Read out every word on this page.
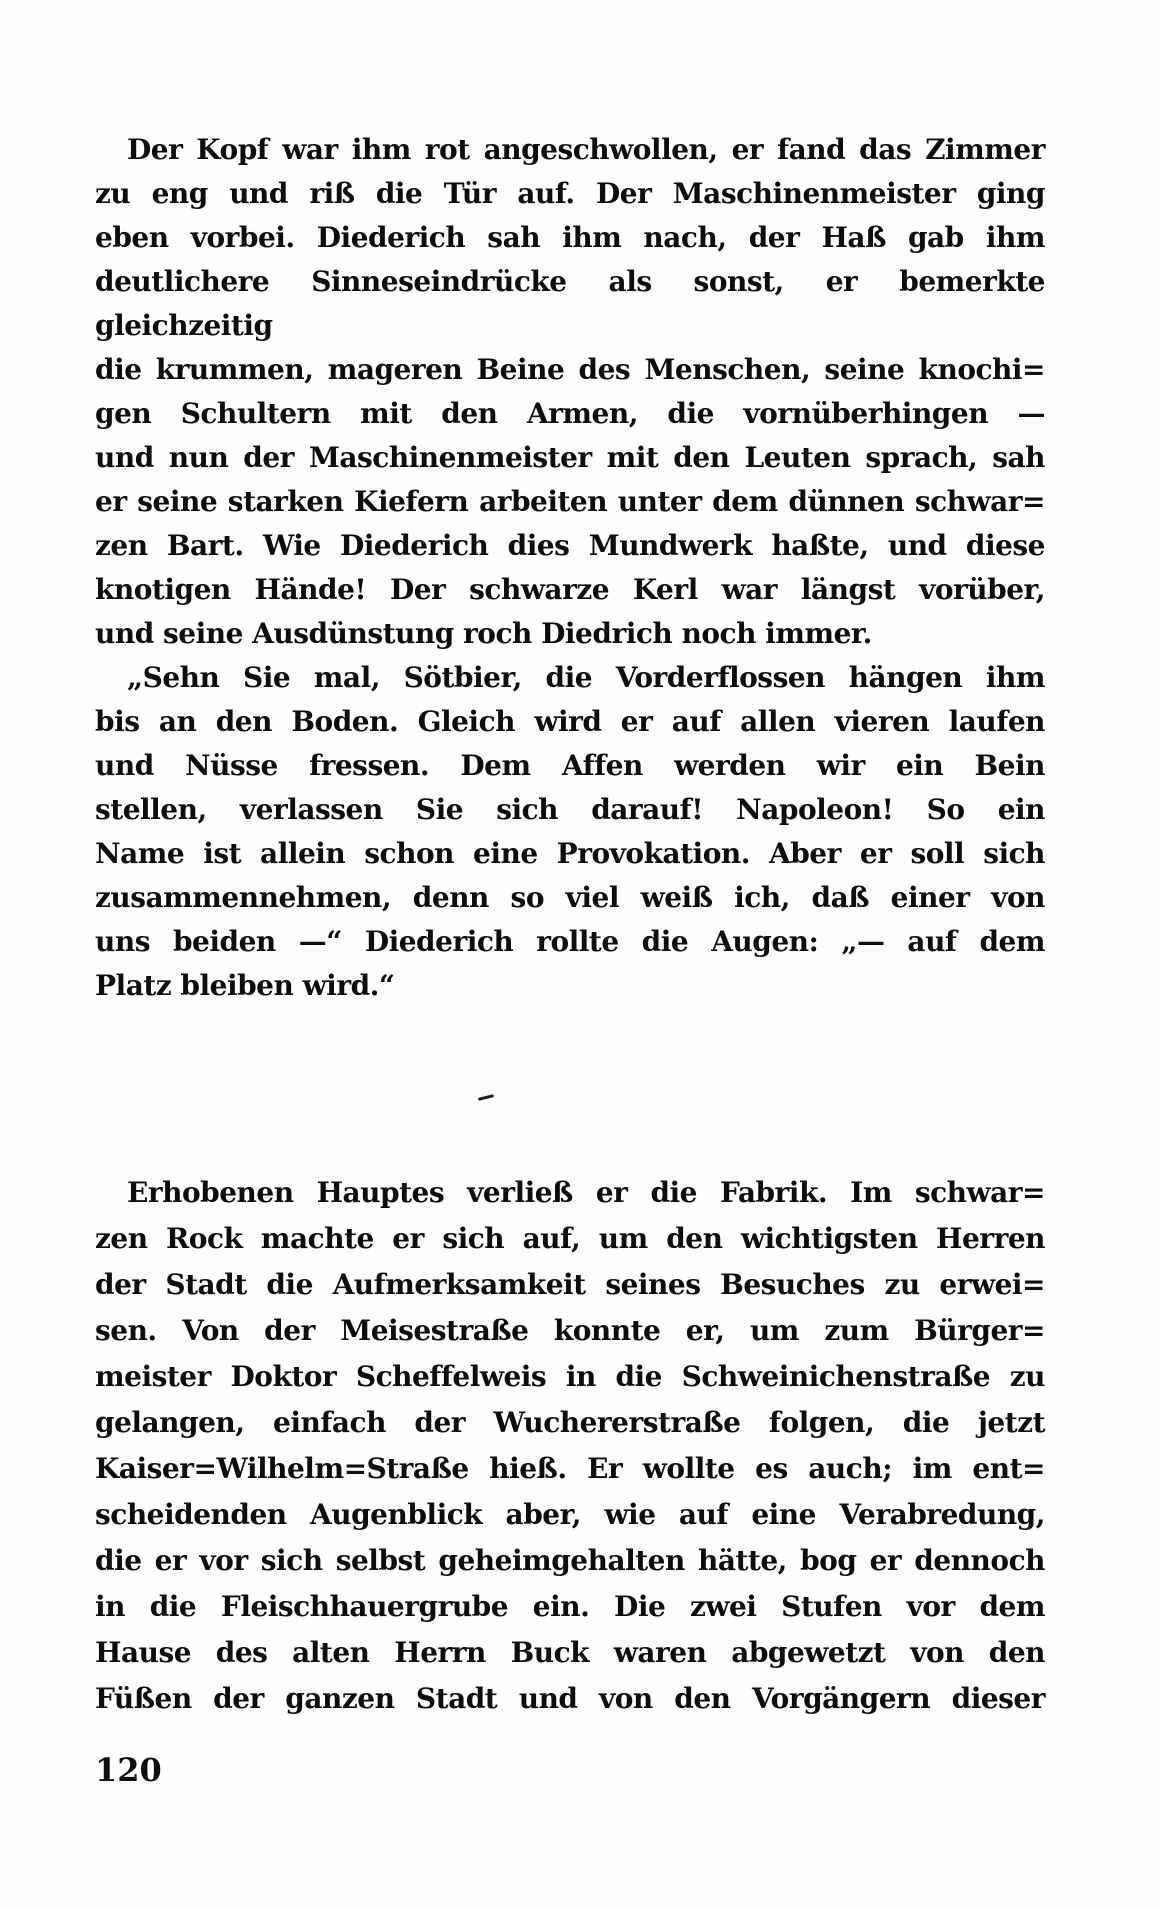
Der Kopf war ihm rot angeschwollen, er fand das Zimmer
zu eng und riß die Tür auf. Der Maschinenmeister ging
eben vorbei. Diederich sah ihm nach, der Haß gab ihm
deutlichere Sinneseindrücke als sonst, er bemerkte gleichzeitig
die krummen, mageren Beine des Menschen, seine knochi=
gen Schultern mit den Armen, die vornüberhingen —
und nun der Maschinenmeister mit den Leuten sprach, sah
er seine starken Kiefern arbeiten unter dem dünnen schwar=
zen Bart. Wie Diederich dies Mundwerk haßte, und diese
knotigen Hände! Der schwarze Kerl war längst vorüber,
und seine Ausdünstung roch Diedrich noch immer.
„Sehn Sie mal, Sötbier, die Vorderflossen hängen ihm
bis an den Boden. Gleich wird er auf allen vieren laufen
und Nüsse fressen. Dem Affen werden wir ein Bein
stellen, verlassen Sie sich darauf! Napoleon! So ein
Name ist allein schon eine Provokation. Aber er soll sich
zusammennehmen, denn so viel weiß ich, daß einer von
uns beiden —“ Diederich rollte die Augen: „— auf dem
Platz bleiben wird.“
Erhobenen Hauptes verließ er die Fabrik. Im schwar=
zen Rock machte er sich auf, um den wichtigsten Herren
der Stadt die Aufmerksamkeit seines Besuches zu erwei=
sen. Von der Meisestraße konnte er, um zum Bürger=
meister Doktor Scheffelweis in die Schweinichenstraße zu
gelangen, einfach der Wuchererstraße folgen, die jetzt
Kaiser=Wilhelm=Straße hieß. Er wollte es auch; im ent=
scheidenden Augenblick aber, wie auf eine Verabredung,
die er vor sich selbst geheimgehalten hätte, bog er dennoch
in die Fleischhauergrube ein. Die zwei Stufen vor dem
Hause des alten Herrn Buck waren abgewetzt von den
Füßen der ganzen Stadt und von den Vorgängern dieser
120
